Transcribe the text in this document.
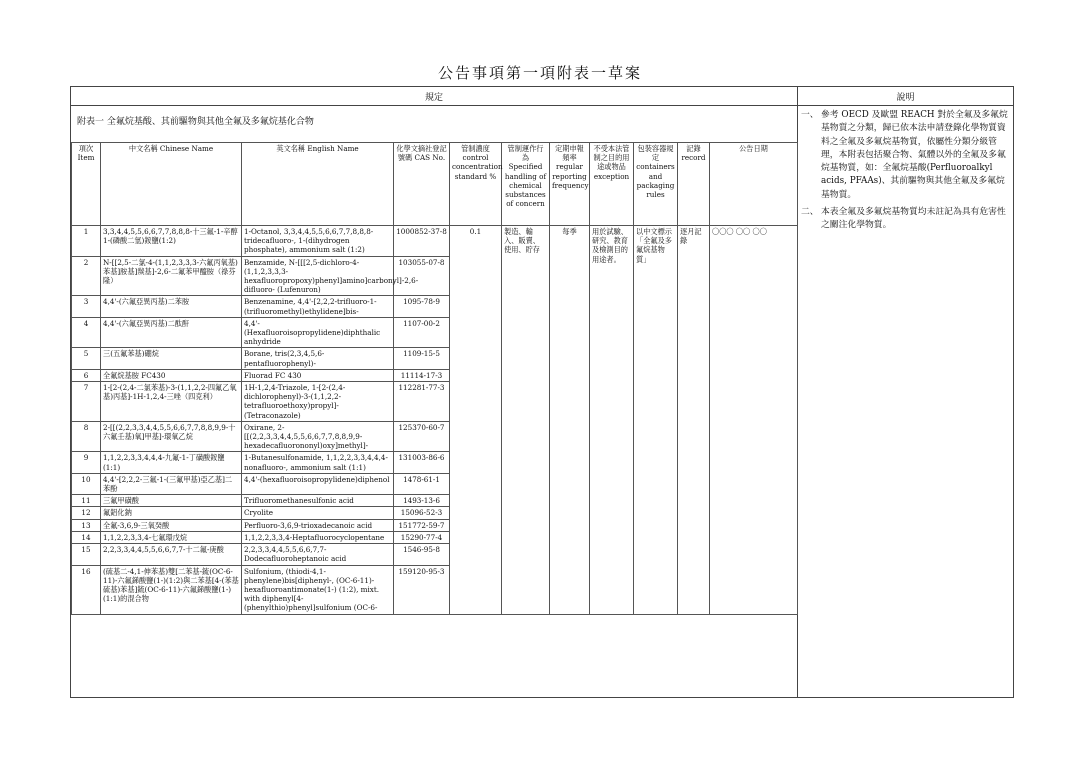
公告事項第一項附表一草案
規定	說明
附表一 全氟烷基酸、其前驅物與其他全氟及多氟烷基化合物
項次 Item	中文名稱 Chinese Name	英文名稱 English Name	化學文摘社登記號碼 CAS No.	管制濃度 control concentration standard %	管制運作行為 Specified handling of chemical substances of concern	定期申報頻率 regular reporting frequency	不受本法管制之目的用途或物品 exception	包裝容器規定 containers and packaging rules	記錄 record	公告日期
1	3,3,4,4,5,5,6,6,7,7,8,8,8-十三氟-1-辛醇1-(磷酸二氫)銨鹽(1:2)	1-Octanol, 3,3,4,4,5,5,6,6,7,7,8,8,8-tridecafluoro-, 1-(dihydrogen phosphate), ammonium salt (1:2)	1000852-37-8	0.1	製造、輸入、販賣、使用、貯存	每季	用於試驗、研究、教育及檢測目的用途者。	以中文標示「全氟及多氟烷基物質」	逐月記錄	〇〇〇 〇〇 〇〇
2	N-[[2,5-二氯-4-(1,1,2,3,3,3-六氟丙氧基)苯基]胺基]羰基]-2,6-二氟苯甲醯胺（祿芬隆）	Benzamide, N-[[[2,5-dichloro-4-(1,1,2,3,3,3-hexafluoropropoxy)phenyl]amino]carbonyl]-2,6-difluoro- (Lufenuron)	103055-07-8							
3	4,4'-(六氟亞異丙基)二苯胺	Benzenamine, 4,4'-[2,2,2-trifluoro-1-(trifluoromethyl)ethylidene]bis-	1095-78-9							
4	4,4'-(六氟亞異丙基)二酞酐	4,4'-(Hexafluoroisopropylidene)diphthalic anhydride	1107-00-2							
5	三(五氟苯基)硼烷	Borane, tris(2,3,4,5,6-pentafluorophenyl)-	1109-15-5							
6	全氟烷基胺 FC430	Fluorad FC 430	11114-17-3							
7	1-[2-(2,4-二氯苯基)-3-(1,1,2,2-四氟乙氧基)丙基]-1H-1,2,4-三唑（四克利）	1H-1,2,4-Triazole, 1-[2-(2,4-dichlorophenyl)-3-(1,1,2,2-tetrafluoroethoxy)propyl]- (Tetraconazole)	112281-77-3							
8	2-[[(2,2,3,3,4,4,5,5,6,6,7,7,8,8,9,9-十六氟壬基)氧]甲基]-環氧乙烷	Oxirane, 2-[[(2,2,3,3,4,4,5,5,6,6,7,7,8,8,9,9-hexadecafluorononyl)oxy]methyl]-	125370-60-7							
9	1,1,2,2,3,3,4,4,4-九氟-1-丁磺酸銨鹽(1:1)	1-Butanesulfonamide, 1,1,2,2,3,3,4,4,4-nonafluoro-, ammonium salt (1:1)	131003-86-6							
10	4,4'-[2,2,2-三氟-1-(三氟甲基)亞乙基]二苯酚	4,4'-(hexafluoroisopropylidene)diphenol	1478-61-1							
11	三氟甲磺酸	Trifluoromethanesulfonic acid	1493-13-6							
12	氟鋁化鈉	Cryolite	15096-52-3							
13	全氟-3,6,9-三氧癸酸	Perfluoro-3,6,9-trioxadecanoic acid	151772-59-7							
14	1,1,2,2,3,3,4-七氟環戊烷	1,1,2,2,3,3,4-Heptafluorocyclopentane	15290-77-4							
15	2,2,3,3,4,4,5,5,6,6,7,7-十二氟-庚酸	2,2,3,3,4,4,5,5,6,6,7,7-Dodecafluoroheptanoic acid	1546-95-8							
16	(硫基二-4,1-伸苯基)雙[二苯基-鋶(OC-6-11)-六氟銻酸鹽(1-)(1:2)與二苯基[4-(苯基硫基)苯基]鋶(OC-6-11)-六氟銻酸鹽(1-)(1:1)的混合物	Sulfonium, (thiodi-4,1-phenylene)bis[diphenyl-, (OC-6-11)-hexafluoroantimonate(1-) (1:2), mixt. with diphenyl[4-(phenylthio)phenyl]sulfonium (OC-6-	159120-95-3							
一、 參考 OECD 及歐盟 REACH 對於全氟及多氟烷基物質之分類，歸已依本法申請登錄化學物質資料之全氟及多氟烷基物質，依屬性分類分級管理，本附表包括聚合物、氣體以外的全氟及多氟烷基物質，如：全氟烷基酸(Perfluoroalkyl acids, PFAAs)、其前驅物與其他全氟及多氟烷基物質。
二、 本表全氟及多氟烷基物質均未註記為具有危害性之關注化學物質。
